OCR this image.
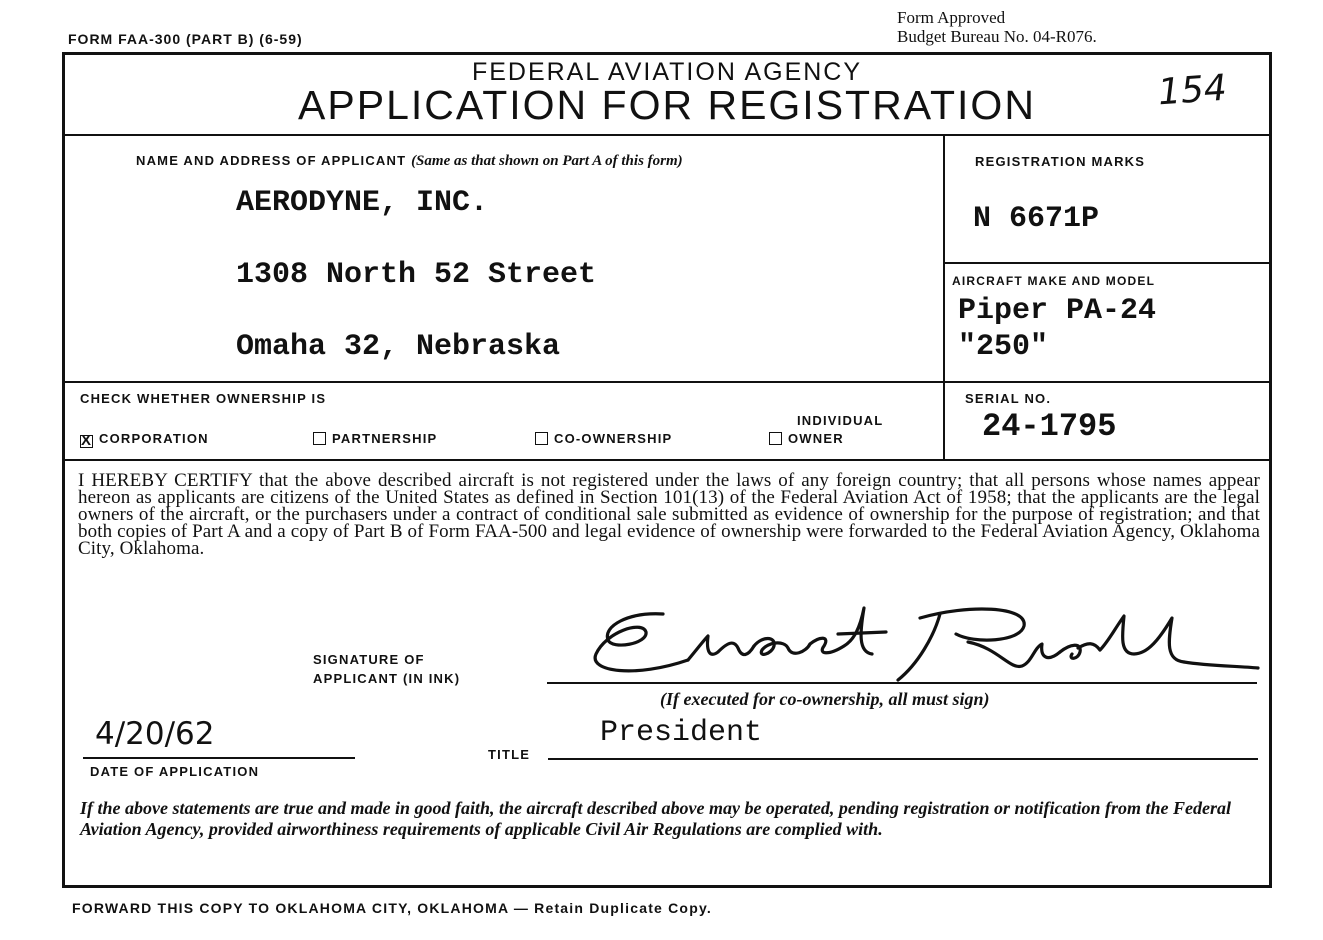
FORM FAA-300 (PART B) (6-59)
Form Approved
Budget Bureau No. 04-R076.
154
FEDERAL AVIATION AGENCY
APPLICATION FOR REGISTRATION
NAME AND ADDRESS OF APPLICANT (Same as that shown on Part A of this form)
AERODYNE, INC.
1308 North 52 Street
Omaha 32, Nebraska
REGISTRATION MARKS
N 6671P
AIRCRAFT MAKE AND MODEL
Piper PA-24
"250"
CHECK WHETHER OWNERSHIP IS
X CORPORATION	PARTNERSHIP	CO-OWNERSHIP
INDIVIDUAL
OWNER
SERIAL NO.
24-1795
I HEREBY CERTIFY that the above described aircraft is not registered under the laws of any foreign country; that all persons whose names appear hereon as applicants are citizens of the United States as defined in Section 101(13) of the Federal Aviation Act of 1958; that the applicants are the legal owners of the aircraft, or the purchasers under a contract of conditional sale submitted as evidence of ownership for the purpose of registration; and that both copies of Part A and a copy of Part B of Form FAA-500 and legal evidence of ownership were forwarded to the Federal Aviation Agency, Oklahoma City, Oklahoma.
SIGNATURE OF
APPLICANT (IN INK)
(If executed for co-ownership, all must sign)
4/20/62
DATE OF APPLICATION
TITLE
President
If the above statements are true and made in good faith, the aircraft described above may be operated, pending registration or notification from the Federal Aviation Agency, provided airworthiness requirements of applicable Civil Air Regulations are complied with.
FORWARD THIS COPY TO OKLAHOMA CITY, OKLAHOMA — Retain Duplicate Copy.
